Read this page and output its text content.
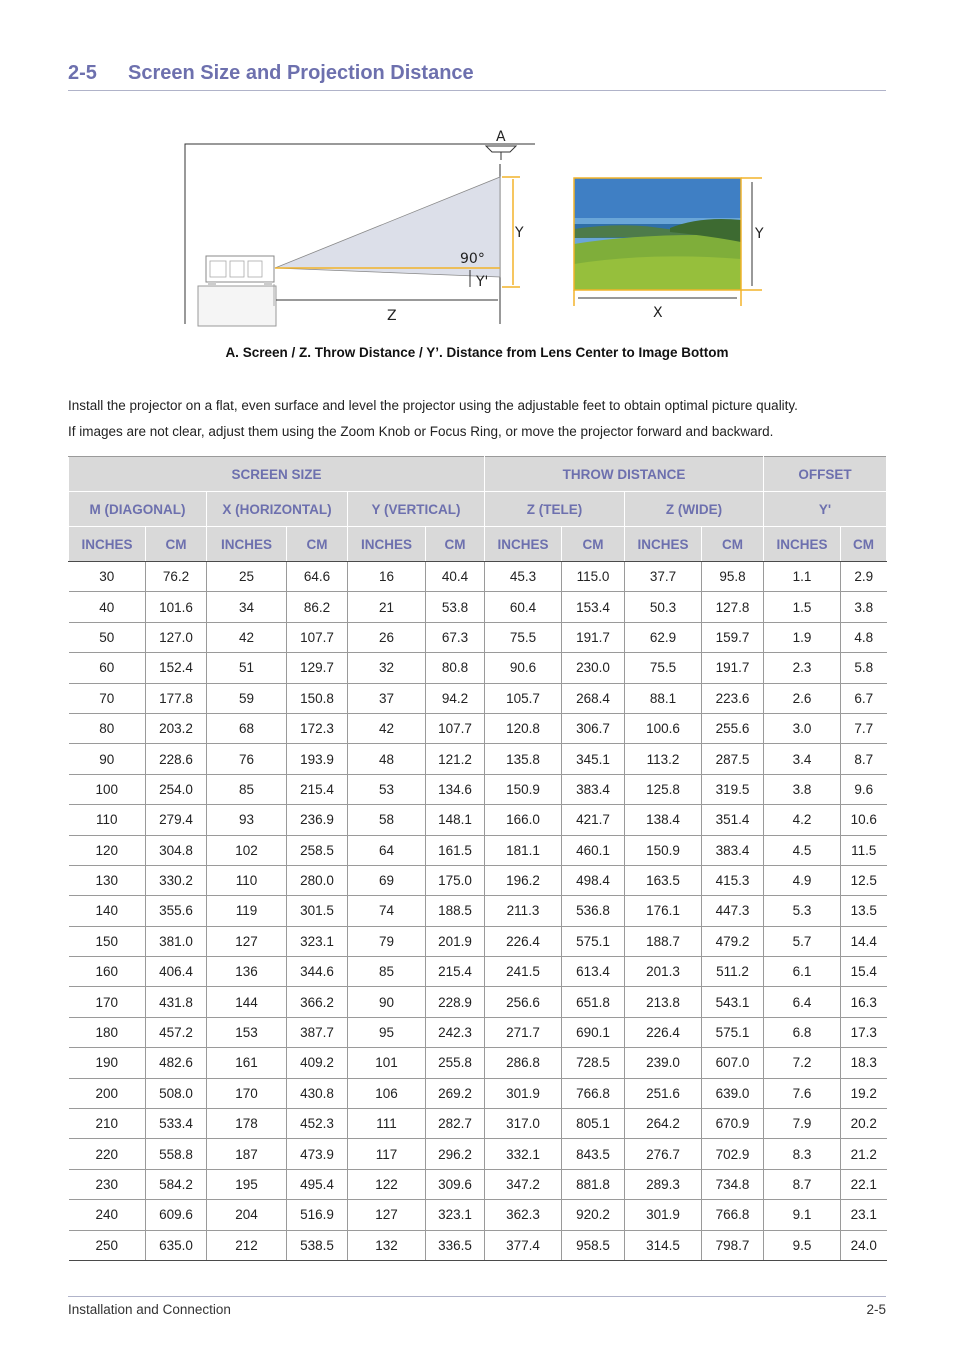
2-5 Screen Size and Projection Distance
A
Y
90°
Y'
Z
Y
X
A. Screen / Z. Throw Distance / Y’. Distance from Lens Center to Image Bottom

Install the projector on a flat, even surface and level the projector using the adjustable feet to obtain optimal picture quality.

If images are not clear, adjust them using the Zoom Knob or Focus Ring, or move the projector forward and backward.

SCREEN SIZE						THROW DISTANCE				OFFSET	
M (DIAGONAL)		X (HORIZONTAL)		Y (VERTICAL)		Z (TELE)		Z (WIDE)		Y'	
INCHES	CM	INCHES	CM	INCHES	CM	INCHES	CM	INCHES	CM	INCHES	CM
30	76.2	25	64.6	16	40.4	45.3	115.0	37.7	95.8	1.1	2.9
40	101.6	34	86.2	21	53.8	60.4	153.4	50.3	127.8	1.5	3.8
50	127.0	42	107.7	26	67.3	75.5	191.7	62.9	159.7	1.9	4.8
60	152.4	51	129.7	32	80.8	90.6	230.0	75.5	191.7	2.3	5.8
70	177.8	59	150.8	37	94.2	105.7	268.4	88.1	223.6	2.6	6.7
80	203.2	68	172.3	42	107.7	120.8	306.7	100.6	255.6	3.0	7.7
90	228.6	76	193.9	48	121.2	135.8	345.1	113.2	287.5	3.4	8.7
100	254.0	85	215.4	53	134.6	150.9	383.4	125.8	319.5	3.8	9.6
110	279.4	93	236.9	58	148.1	166.0	421.7	138.4	351.4	4.2	10.6
120	304.8	102	258.5	64	161.5	181.1	460.1	150.9	383.4	4.5	11.5
130	330.2	110	280.0	69	175.0	196.2	498.4	163.5	415.3	4.9	12.5
140	355.6	119	301.5	74	188.5	211.3	536.8	176.1	447.3	5.3	13.5
150	381.0	127	323.1	79	201.9	226.4	575.1	188.7	479.2	5.7	14.4
160	406.4	136	344.6	85	215.4	241.5	613.4	201.3	511.2	6.1	15.4
170	431.8	144	366.2	90	228.9	256.6	651.8	213.8	543.1	6.4	16.3
180	457.2	153	387.7	95	242.3	271.7	690.1	226.4	575.1	6.8	17.3
190	482.6	161	409.2	101	255.8	286.8	728.5	239.0	607.0	7.2	18.3
200	508.0	170	430.8	106	269.2	301.9	766.8	251.6	639.0	7.6	19.2
210	533.4	178	452.3	111	282.7	317.0	805.1	264.2	670.9	7.9	20.2
220	558.8	187	473.9	117	296.2	332.1	843.5	276.7	702.9	8.3	21.2
230	584.2	195	495.4	122	309.6	347.2	881.8	289.3	734.8	8.7	22.1
240	609.6	204	516.9	127	323.1	362.3	920.2	301.9	766.8	9.1	23.1
250	635.0	212	538.5	132	336.5	377.4	958.5	314.5	798.7	9.5	24.0
Installation and Connection	2-5
